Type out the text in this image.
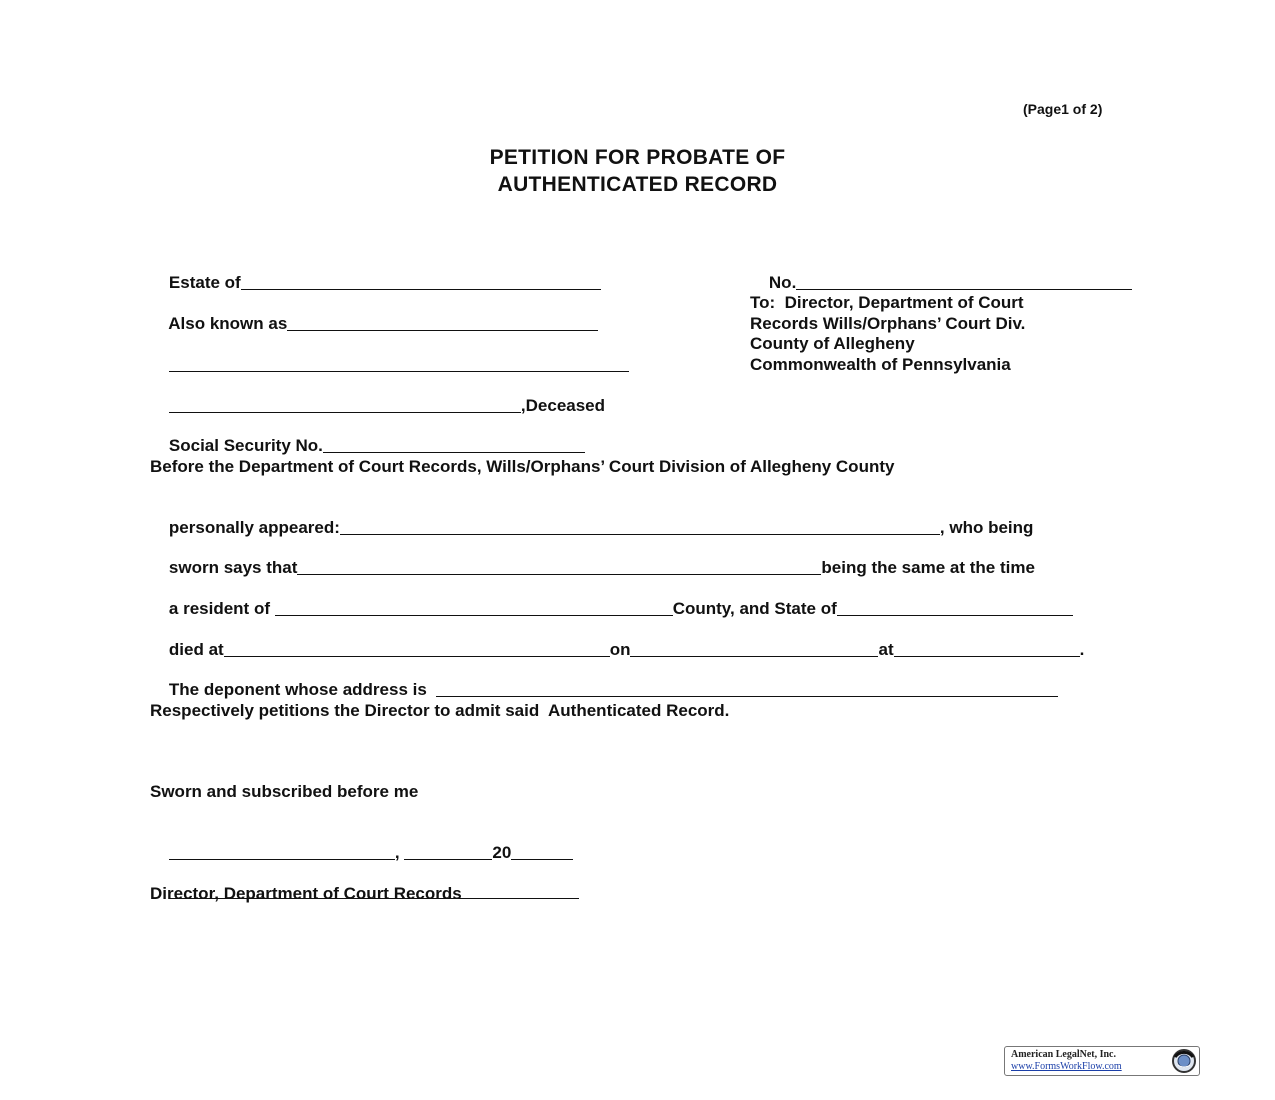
(Page1 of 2)
PETITION FOR PROBATE OF
AUTHENTICATED RECORD

Estate of
	No.

Also known as

To:  Director, Department of Court
Records Wills/Orphans’ Court Div.
County of Allegheny
Commonwealth of Pennsylvania

,Deceased

Social Security No.

Before the Department of Court Records, Wills/Orphans’ Court Division of Allegheny County

personally appeared:	, who being

sworn says that	being the same at the time

a resident of	County, and State of

died at	on	at	.

The deponent whose address is

Respectively petitions the Director to admit said  Authenticated Record.
Sworn and subscribed before me

,	20

Director, Department of Court Records
American LegalNet, Inc.
www.FormsWorkFlow.com
